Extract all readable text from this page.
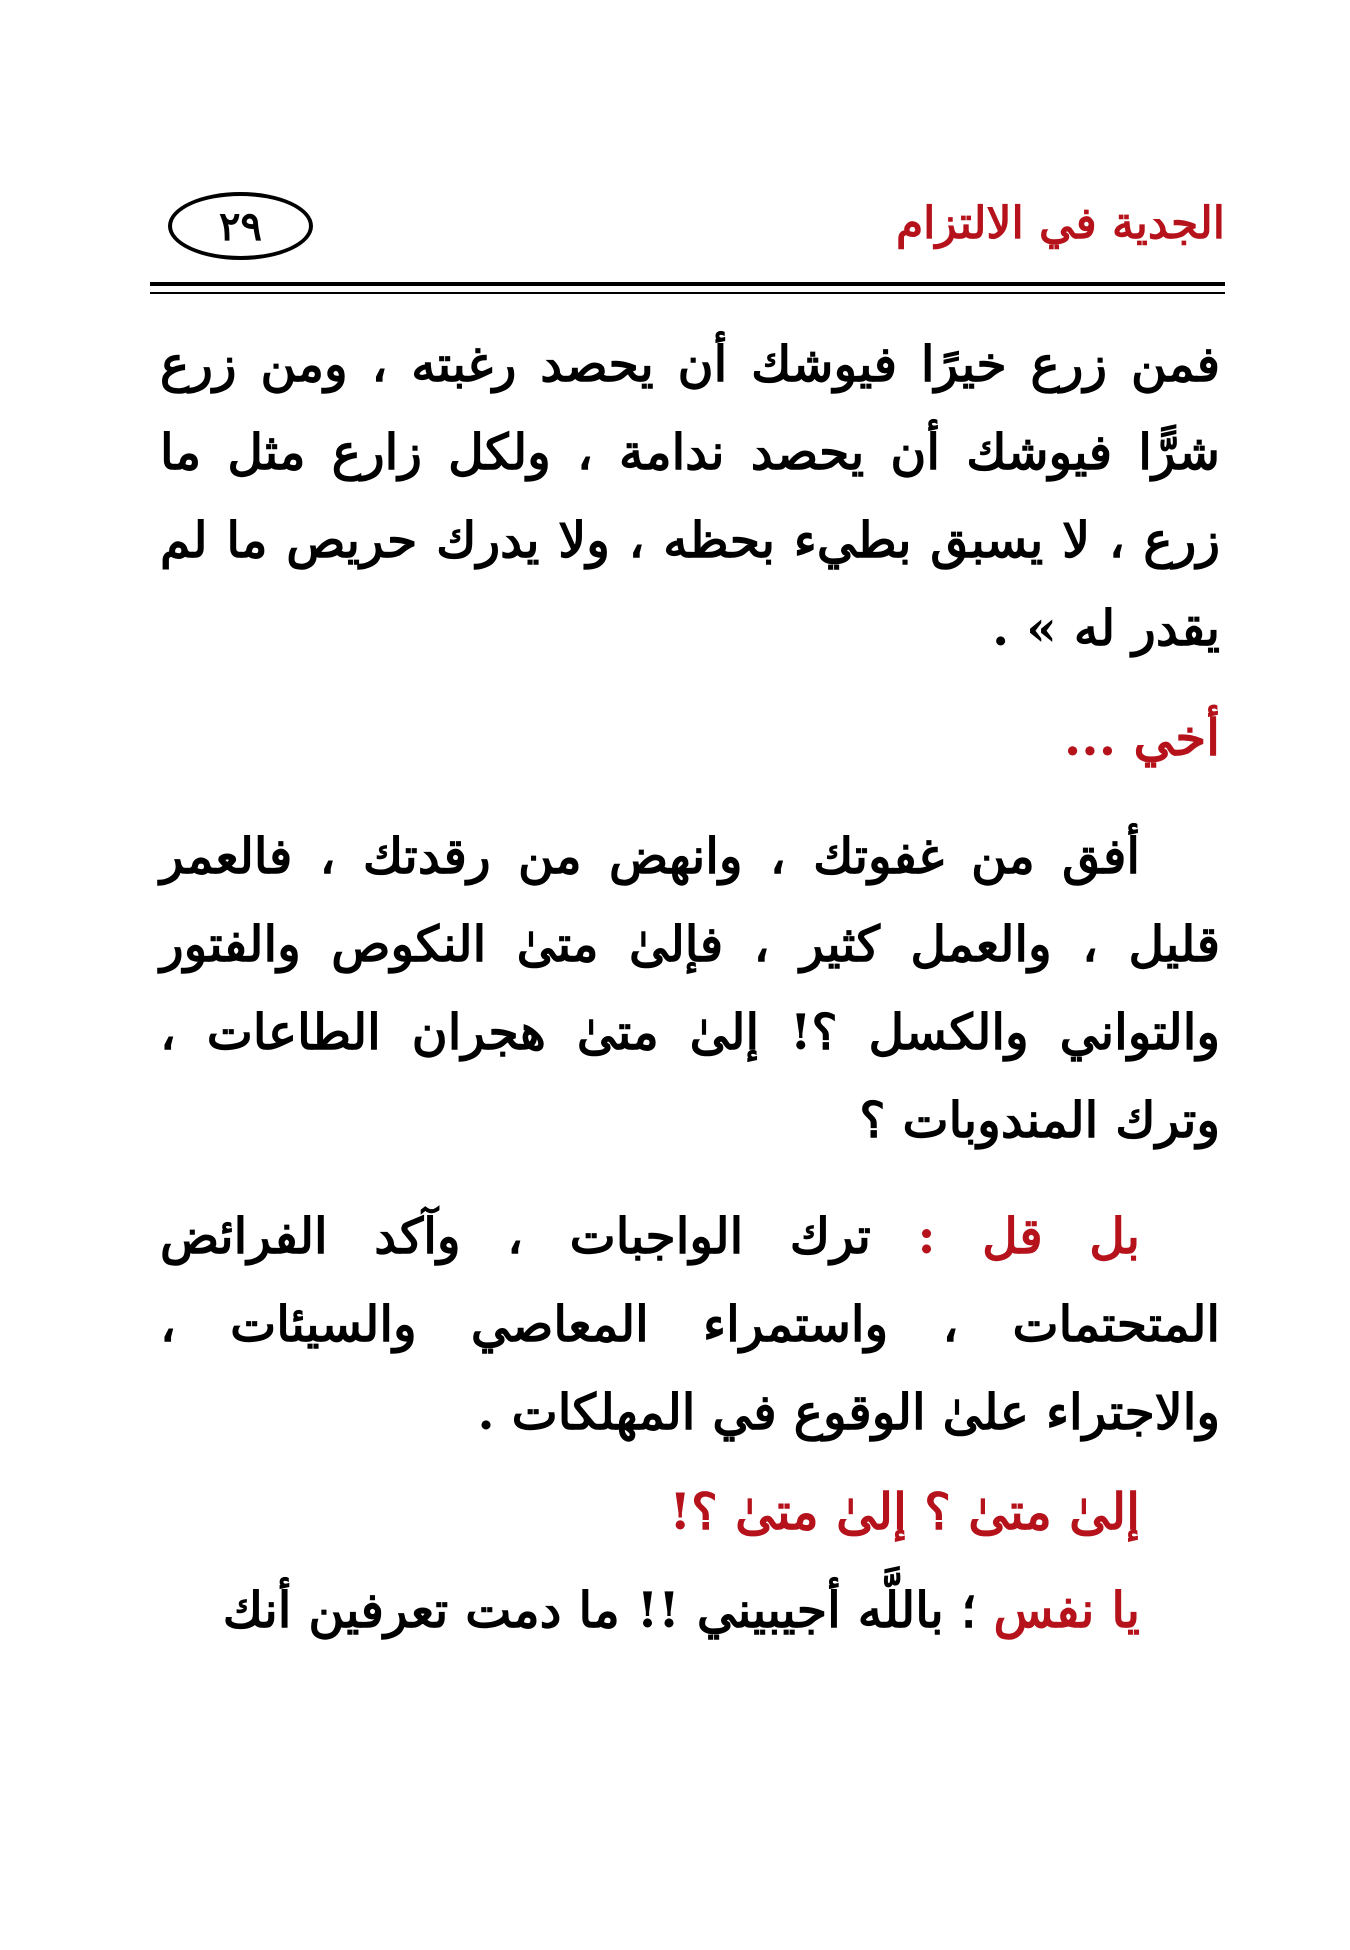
الجدية في الالتزام
٢٩

فمن زرع خيرًا فيوشك أن يحصد رغبته ، ومن زرع شرًّا فيوشك أن يحصد ندامة ، ولكل زارع مثل ما زرع ، لا يسبق بطيء بحظه ، ولا يدرك حريص ما لم يقدر له » .

أخي ...

أفق من غفوتك ، وانهض من رقدتك ، فالعمر قليل ، والعمل كثير ، فإلىٰ متىٰ النكوص والفتور والتواني والكسل ؟! إلىٰ متىٰ هجران الطاعات ، وترك المندوبات ؟

بل قل : ترك الواجبات ، وآكد الفرائض المتحتمات ، واستمراء المعاصي والسيئات ، والاجتراء علىٰ الوقوع في المهلكات .

إلىٰ متىٰ ؟ إلىٰ متىٰ ؟!

يا نفس ؛ باللَّه أجيبيني !! ما دمت تعرفين أنك
